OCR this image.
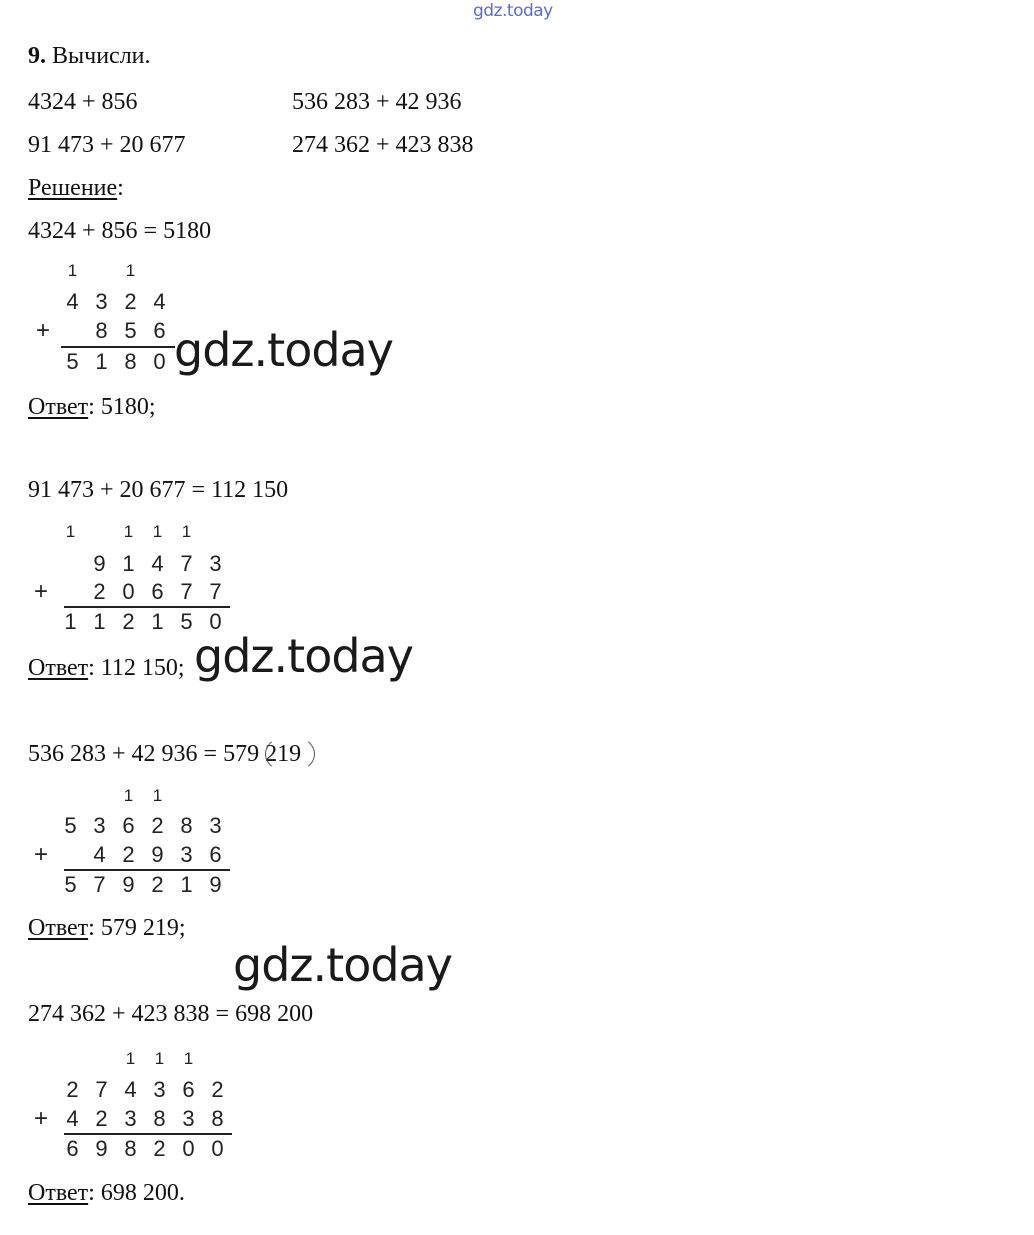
gdz.today
9. Вычисли.
4324 + 856	536 283 + 42 936
91 473 + 20 677	274 362 + 423 838
Решение:
4324 + 856 = 5180
1	1
4 3 2 4
+	8 5 6
5 1 8 0 gdz.today
Ответ: 5180;
91 473 + 20 677 = 112 150
1	1	1	1
9 1 4 7 3
+	2 0 6 7 7
1 1 2 1 5 0
Ответ: 112 150; gdz.today
536 283 + 42 936 = 579 219
1	1
5 3 6 2 8 3
+	4 2 9 3 6
5 7 9 2 1 9
Ответ: 579 219;
gdz.today
274 362 + 423 838 = 698 200
1	1	1
2 7 4 3 6 2
+ 4 2 3 8 3 8
6 9 8 2 0 0
Ответ: 698 200.
